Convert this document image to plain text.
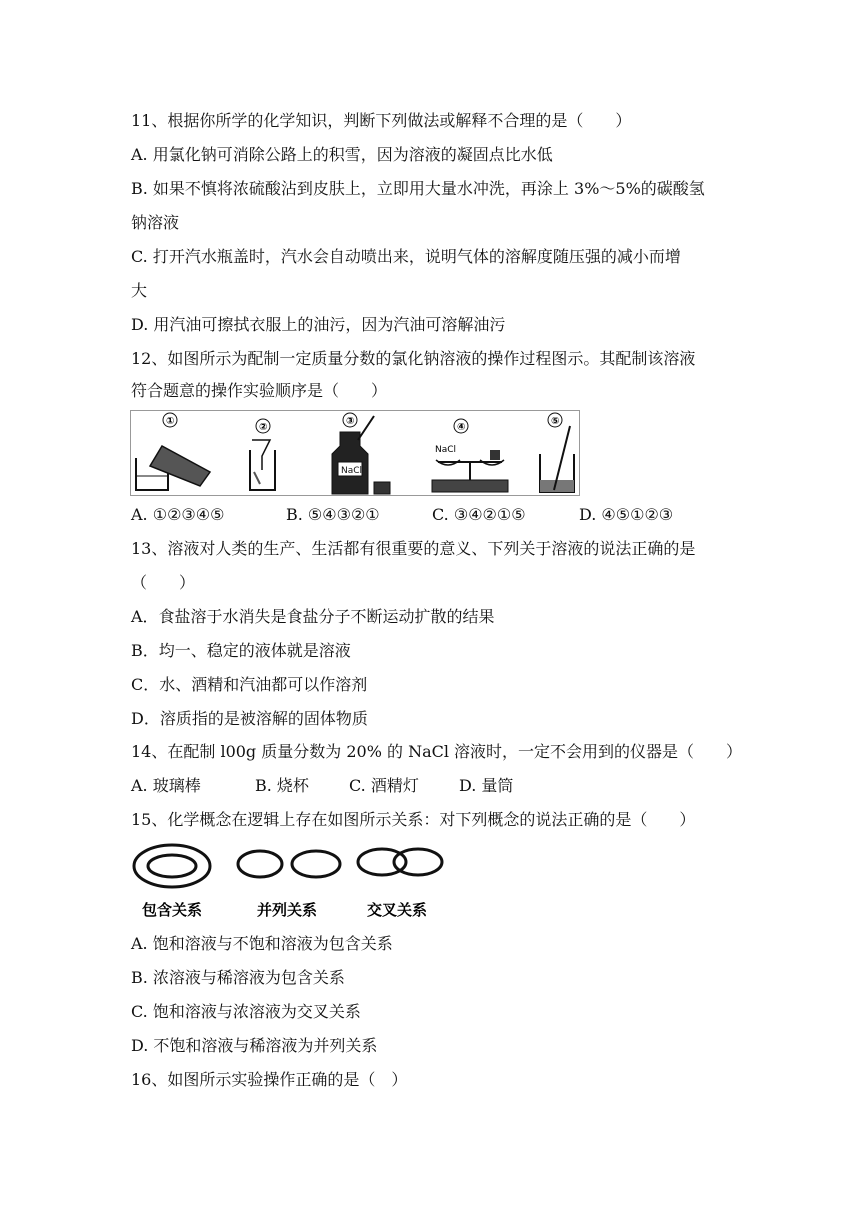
11、根据你所学的化学知识，判断下列做法或解释不合理的是（　　）
A. 用氯化钠可消除公路上的积雪，因为溶液的凝固点比水低
B. 如果不慎将浓硫酸沾到皮肤上，立即用大量水冲洗，再涂上 3%～5%的碳酸氢
钠溶液
C. 打开汽水瓶盖时，汽水会自动喷出来，说明气体的溶解度随压强的减小而增
大
D. 用汽油可擦拭衣服上的油污，因为汽油可溶解油污
12、如图所示为配制一定质量分数的氯化钠溶液的操作过程图示。其配制该溶液
符合题意的操作实验顺序是（　　）
①
②
③
NaCl
④
NaCl
⑤
A. ①②③④⑤	B. ⑤④③②①	C. ③④②①⑤	D. ④⑤①②③
13、溶液对人类的生产、生活都有很重要的意义、下列关于溶液的说法正确的是
（　　）
A．食盐溶于水消失是食盐分子不断运动扩散的结果
B．均一、稳定的液体就是溶液
C．水、酒精和汽油都可以作溶剂
D．溶质指的是被溶解的固体物质
14、在配制 l00g 质量分数为 20% 的 NaCl 溶液时，一定不会用到的仪器是（　　）
A. 玻璃棒	B. 烧杯	C. 酒精灯	D. 量筒
15、化学概念在逻辑上存在如图所示关系：对下列概念的说法正确的是（　　）
包含关系	并列关系	交叉关系
A. 饱和溶液与不饱和溶液为包含关系
B. 浓溶液与稀溶液为包含关系
C. 饱和溶液与浓溶液为交叉关系
D. 不饱和溶液与稀溶液为并列关系
16、如图所示实验操作正确的是（　）
